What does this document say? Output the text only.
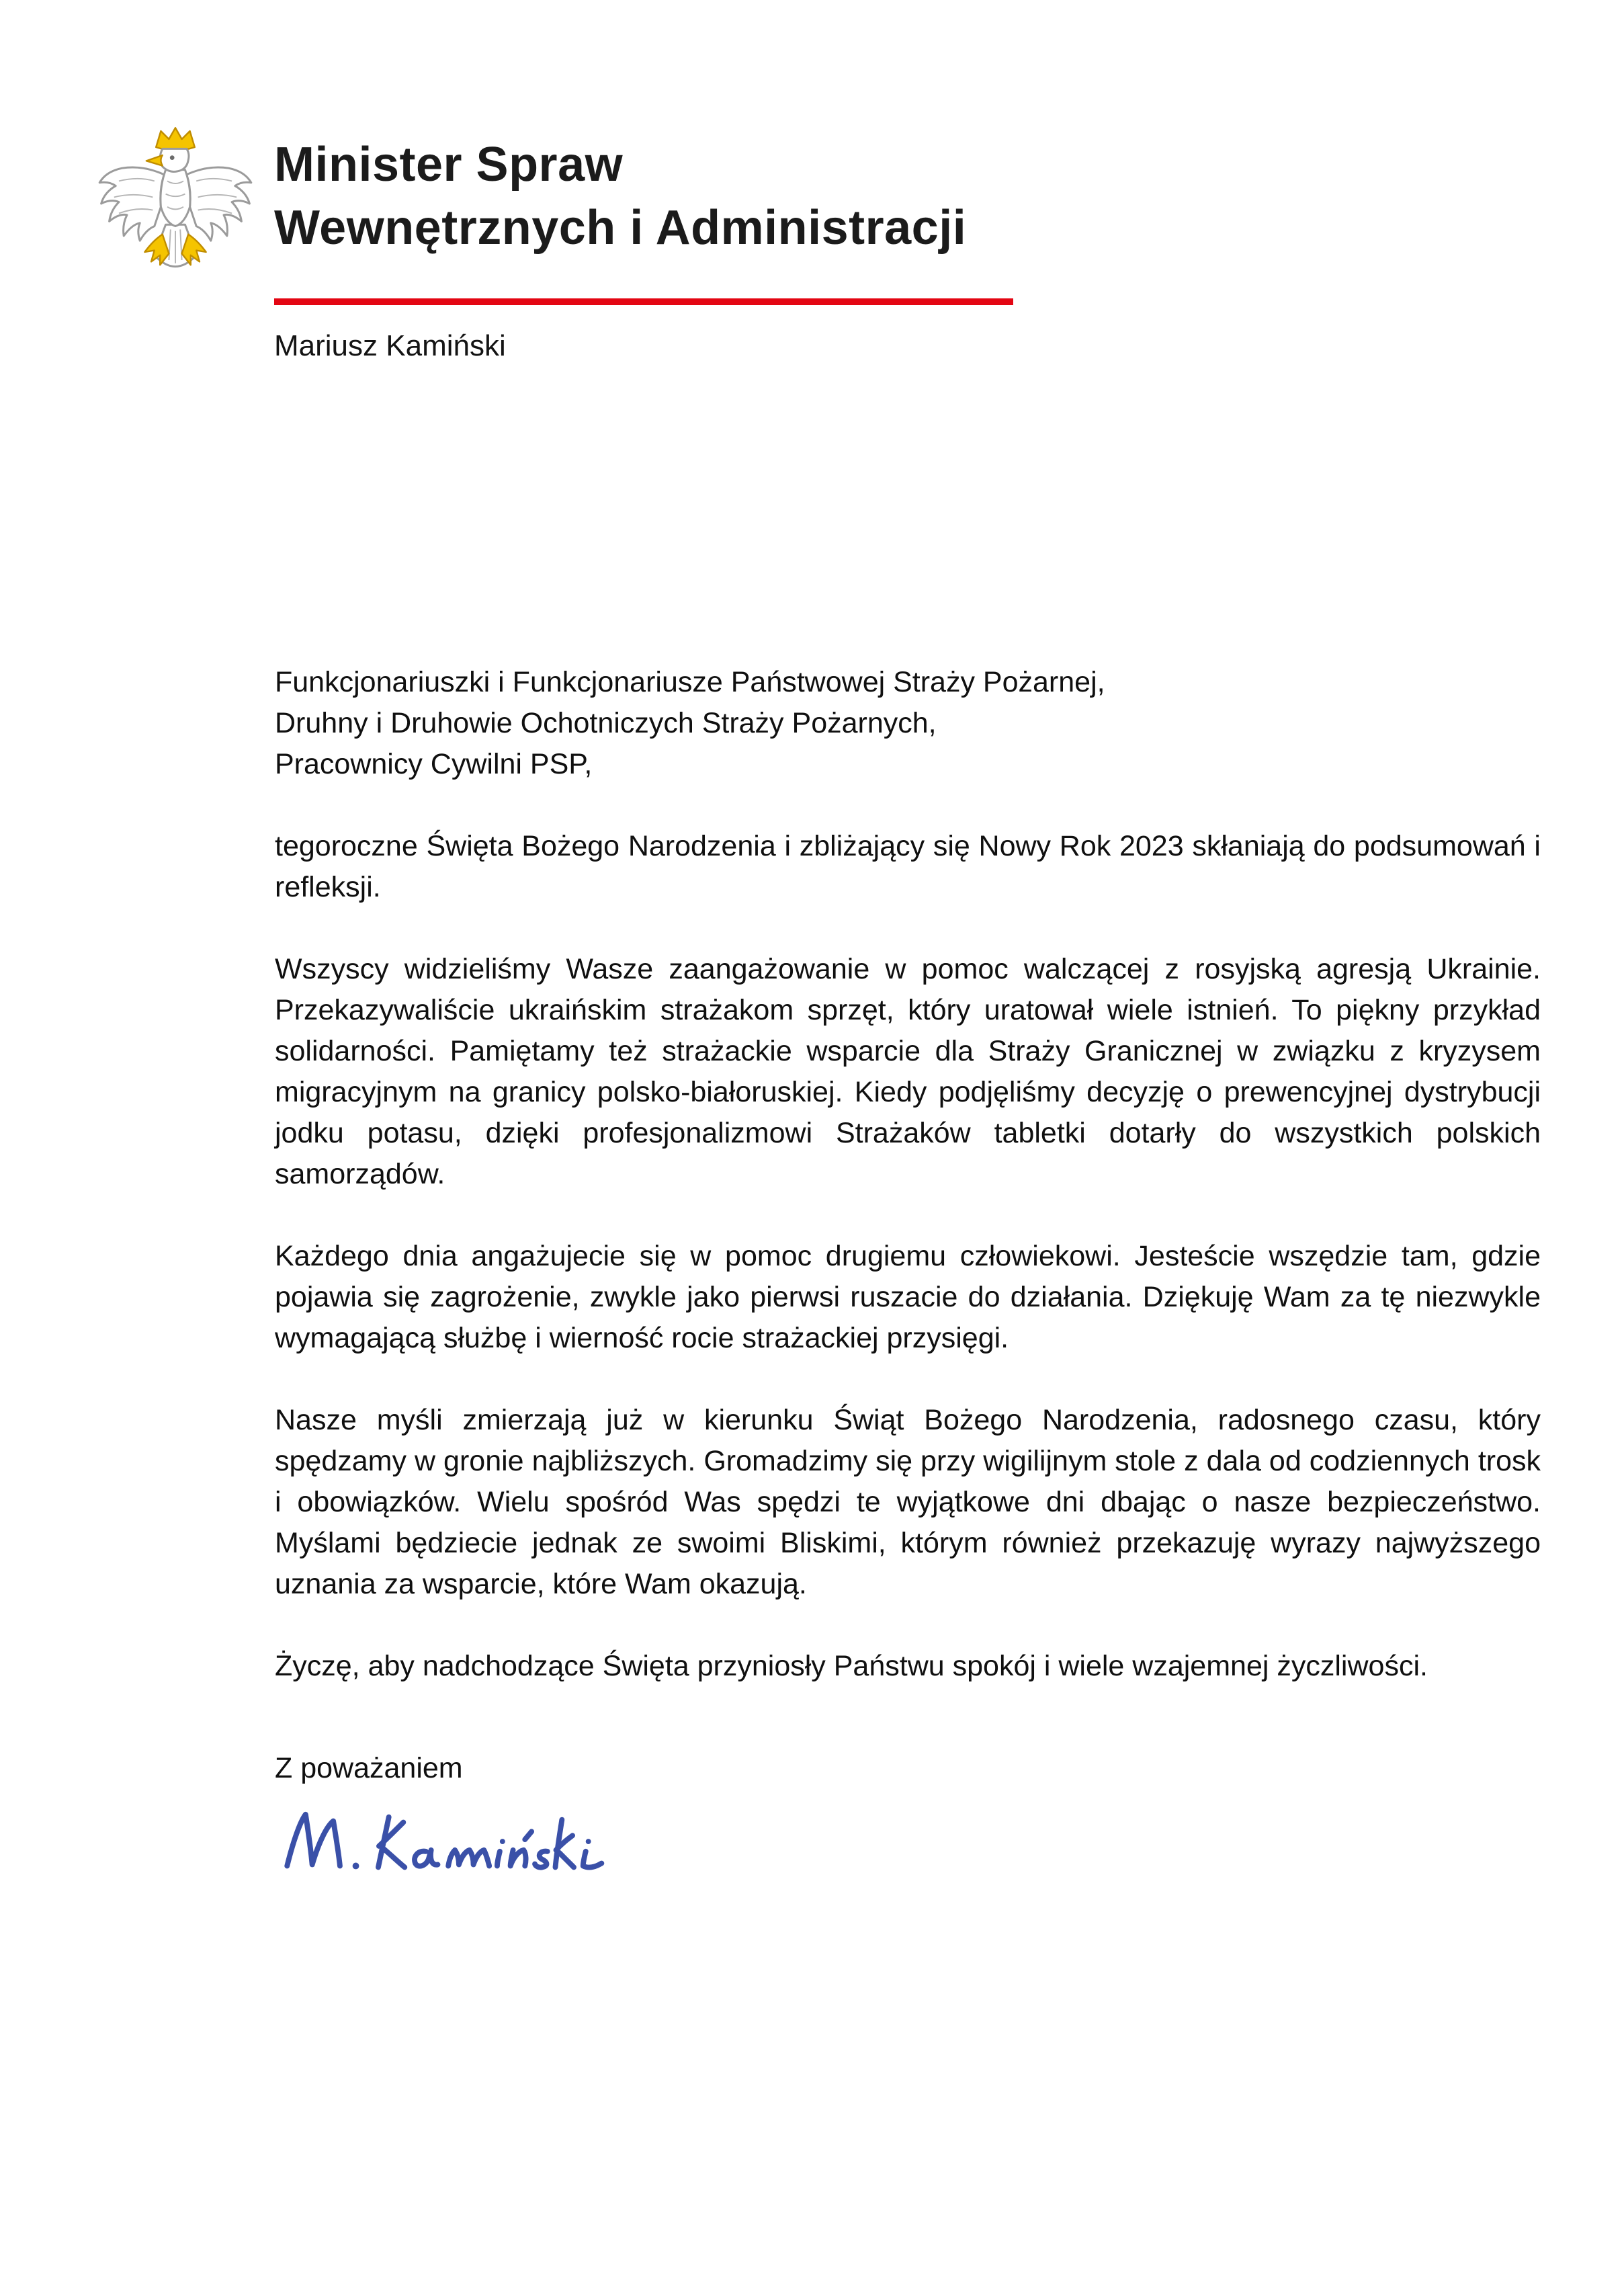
Minister Spraw
Wewnętrznych i Administracji
Mariusz Kamiński

Funkcjonariuszki i Funkcjonariusze Państwowej Straży Pożarnej,

Druhny i Druhowie Ochotniczych Straży Pożarnych,

Pracownicy Cywilni PSP,

tegoroczne Święta Bożego Narodzenia i zbliżający się Nowy Rok 2023 skłaniają do podsumowań i refleksji.

Wszyscy widzieliśmy Wasze zaangażowanie w pomoc walczącej z rosyjską agresją Ukrainie. Przekazywaliście ukraińskim strażakom sprzęt, który uratował wiele istnień. To piękny przykład solidarności. Pamiętamy też strażackie wsparcie dla Straży Granicznej w związku z kryzysem migracyjnym na granicy polsko-białoruskiej. Kiedy podjęliśmy decyzję o prewencyjnej dystrybucji jodku potasu, dzięki profesjonalizmowi Strażaków tabletki dotarły do wszystkich polskich samorządów.

Każdego dnia angażujecie się w pomoc drugiemu człowiekowi. Jesteście wszędzie tam, gdzie pojawia się zagrożenie, zwykle jako pierwsi ruszacie do działania. Dziękuję Wam za tę niezwykle wymagającą służbę i wierność rocie strażackiej przysięgi.

Nasze myśli zmierzają już w kierunku Świąt Bożego Narodzenia, radosnego czasu, który spędzamy w gronie najbliższych. Gromadzimy się przy wigilijnym stole z dala od codziennych trosk i obowiązków. Wielu spośród Was spędzi te wyjątkowe dni dbając o nasze bezpieczeństwo. Myślami będziecie jednak ze swoimi Bliskimi, którym również przekazuję wyrazy najwyższego uznania za wsparcie, które Wam okazują.

Życzę, aby nadchodzące Święta przyniosły Państwu spokój i wiele wzajemnej życzliwości.

Z poważaniem
